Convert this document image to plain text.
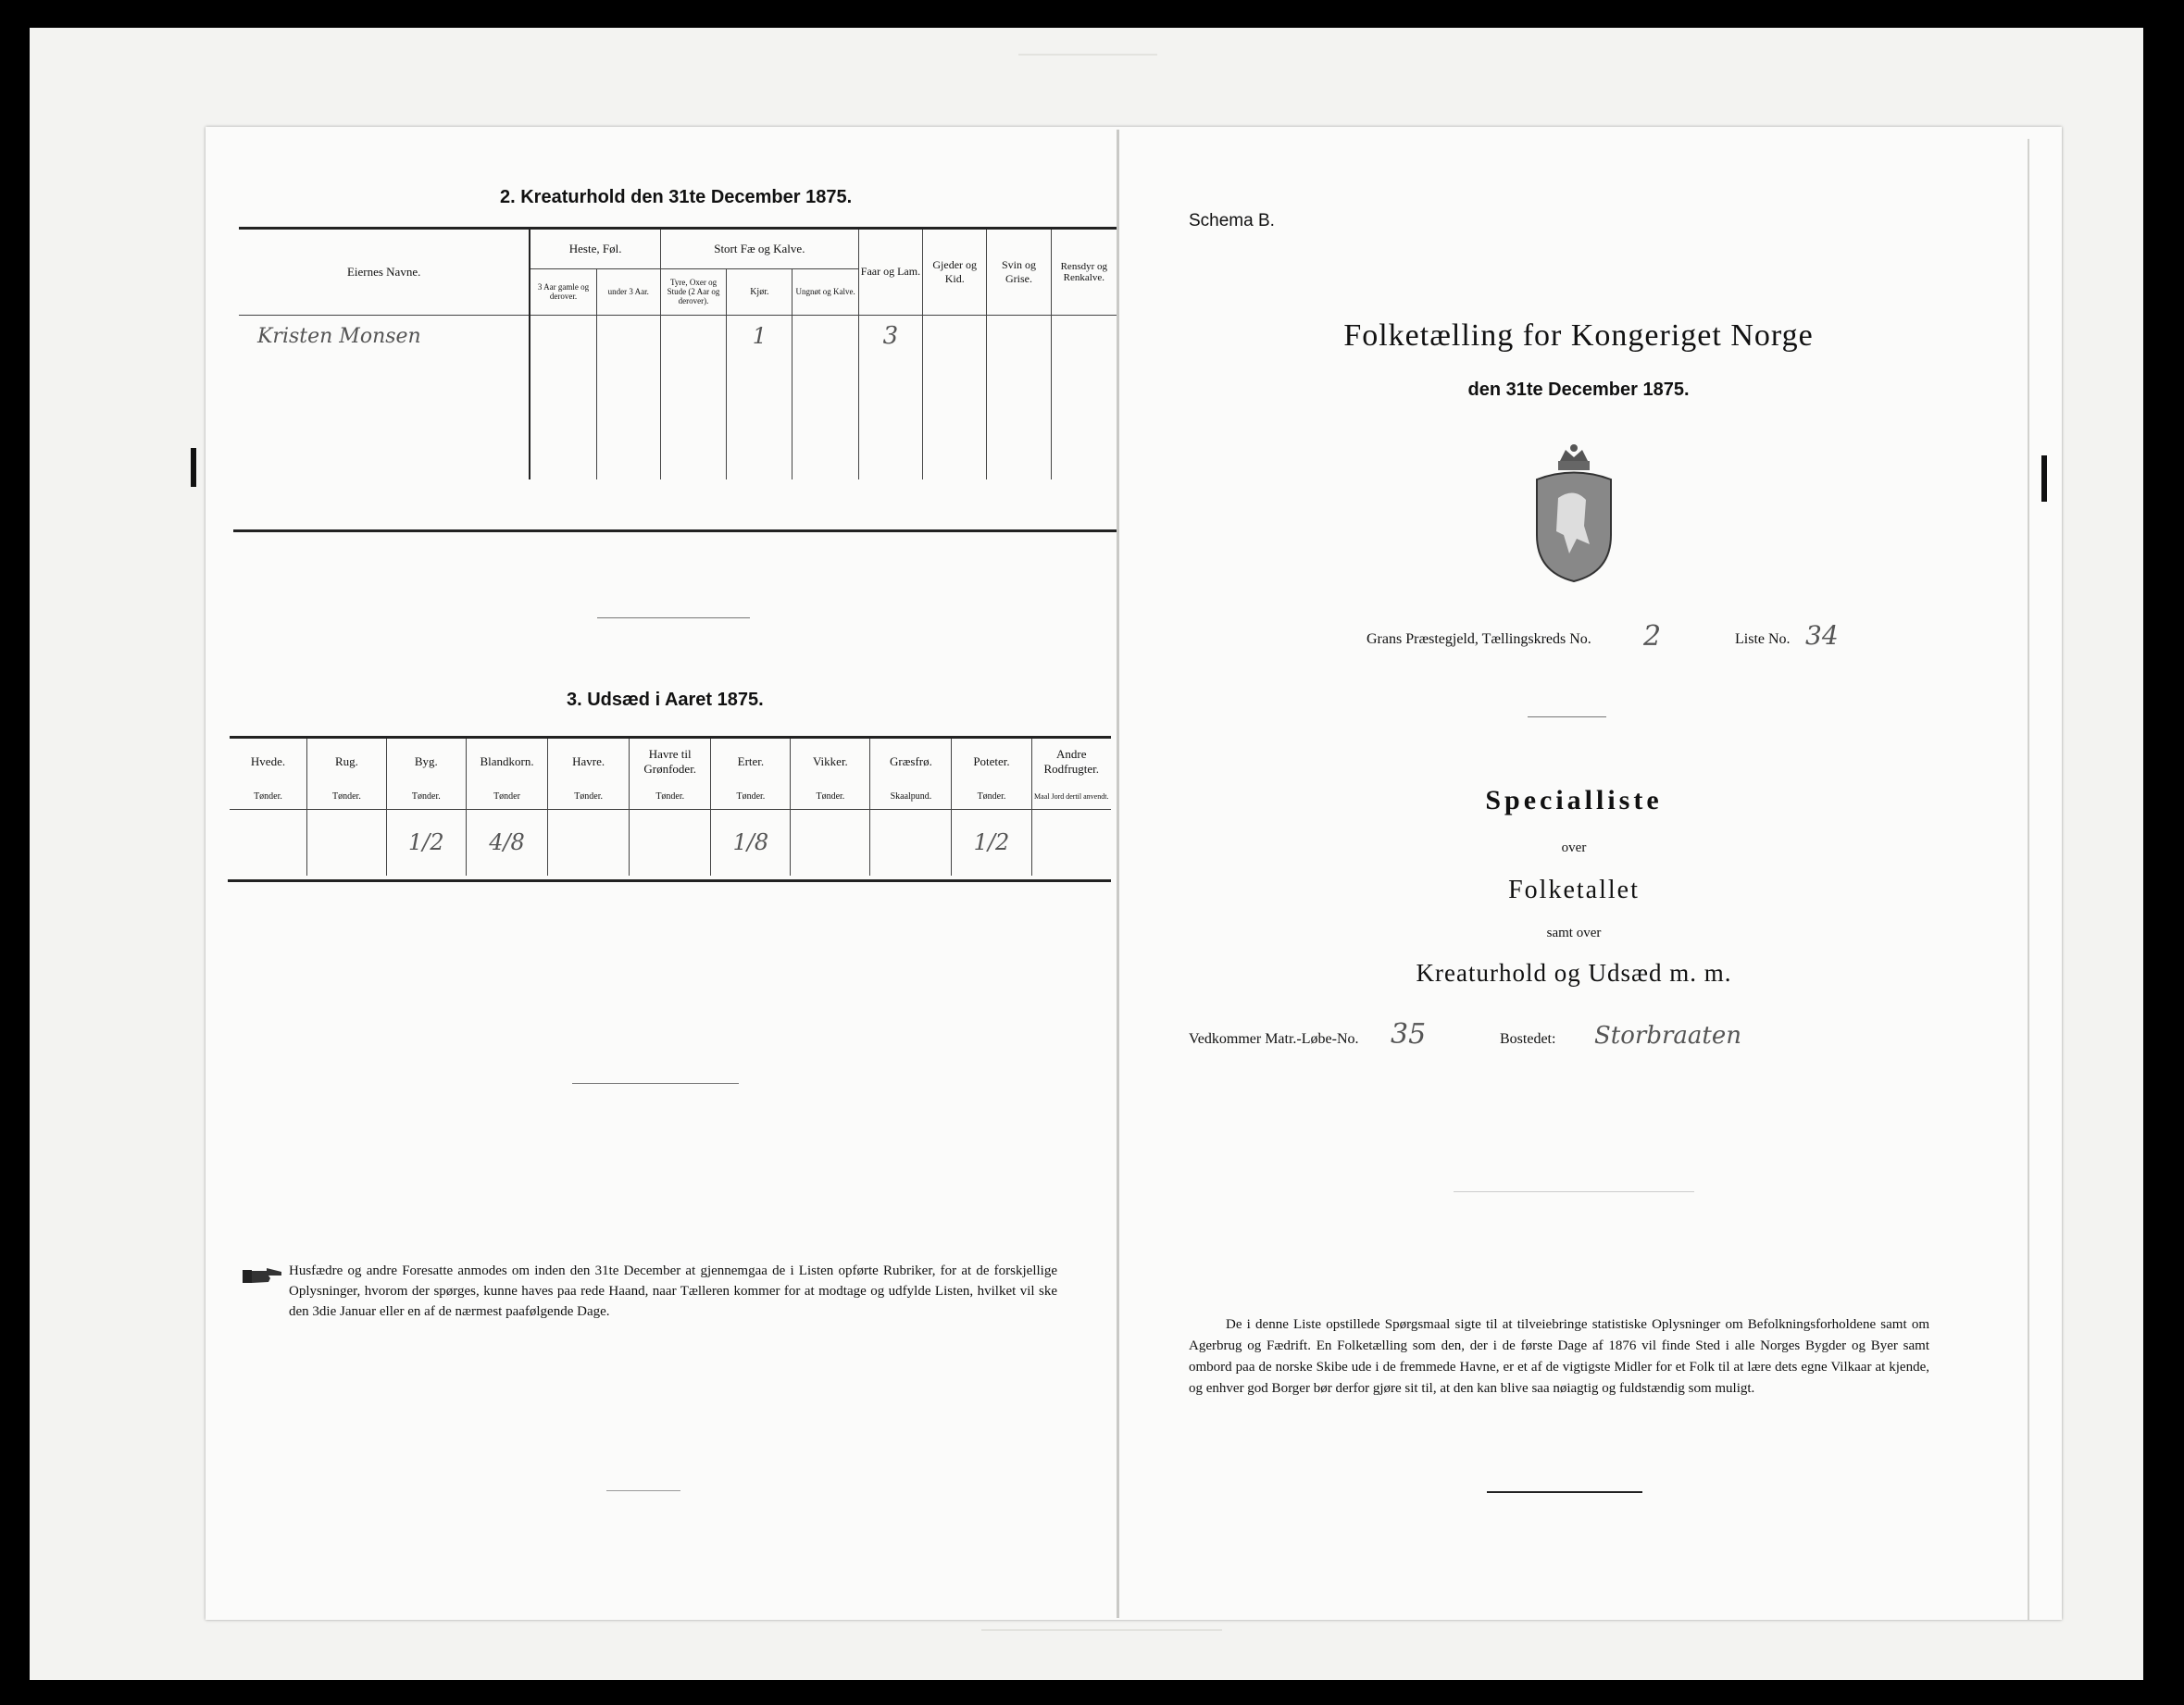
2. Kreaturhold den 31te December 1875.
Eiernes Navne.	Heste, Føl.		Stort Fæ og Kalve.			Faar og Lam.	Gjeder og Kid.	Svin og Grise.	Rensdyr og Renkalve.
	3 Aar gamle og derover.	under 3 Aar.	Tyre, Oxer og Stude (2 Aar og derover).	Kjør.	Ungnøt og Kalve.				
Kristen Monsen				1		3			

3. Udsæd i Aaret 1875.
Hvede.	Rug.	Byg.	Blandkorn.	Havre.	Havre til Grønfoder.	Erter.	Vikker.	Græsfrø.	Poteter.	Andre Rodfrugter.
Tønder.	Tønder.	Tønder.	Tønder	Tønder.	Tønder.	Tønder.	Tønder.	Skaalpund.	Tønder.	Maal Jord dertil anvendt.
		1/2	4/8			1/8			1/2	
Husfædre og andre Foresatte anmodes om inden den 31te December at gjennemgaa de i Listen opførte Rubriker, for at de forskjellige Oplysninger, hvorom der spørges, kunne haves paa rede Haand, naar Tælleren kommer for at modtage og udfylde Listen, hvilket vil ske den 3die Januar eller en af de nærmest paafølgende Dage.
Schema B.
Folketælling for Kongeriget Norge
den 31te December 1875.
Grans Præstegjeld, Tællingskreds No. 2	Liste No. 34
Specialliste
over
Folketallet
samt over
Kreaturhold og Udsæd m. m.
Vedkommer Matr.-Løbe-No. 35	Bostedet: Storbraaten
De i denne Liste opstillede Spørgsmaal sigte til at tilveiebringe statistiske Oplysninger om Befolkningsforholdene samt om Agerbrug og Fædrift. En Folketælling som den, der i de første Dage af 1876 vil finde Sted i alle Norges Bygder og Byer samt ombord paa de norske Skibe ude i de fremmede Havne, er et af de vigtigste Midler for et Folk til at lære dets egne Vilkaar at kjende, og enhver god Borger bør derfor gjøre sit til, at den kan blive saa nøiagtig og fuldstændig som muligt.
